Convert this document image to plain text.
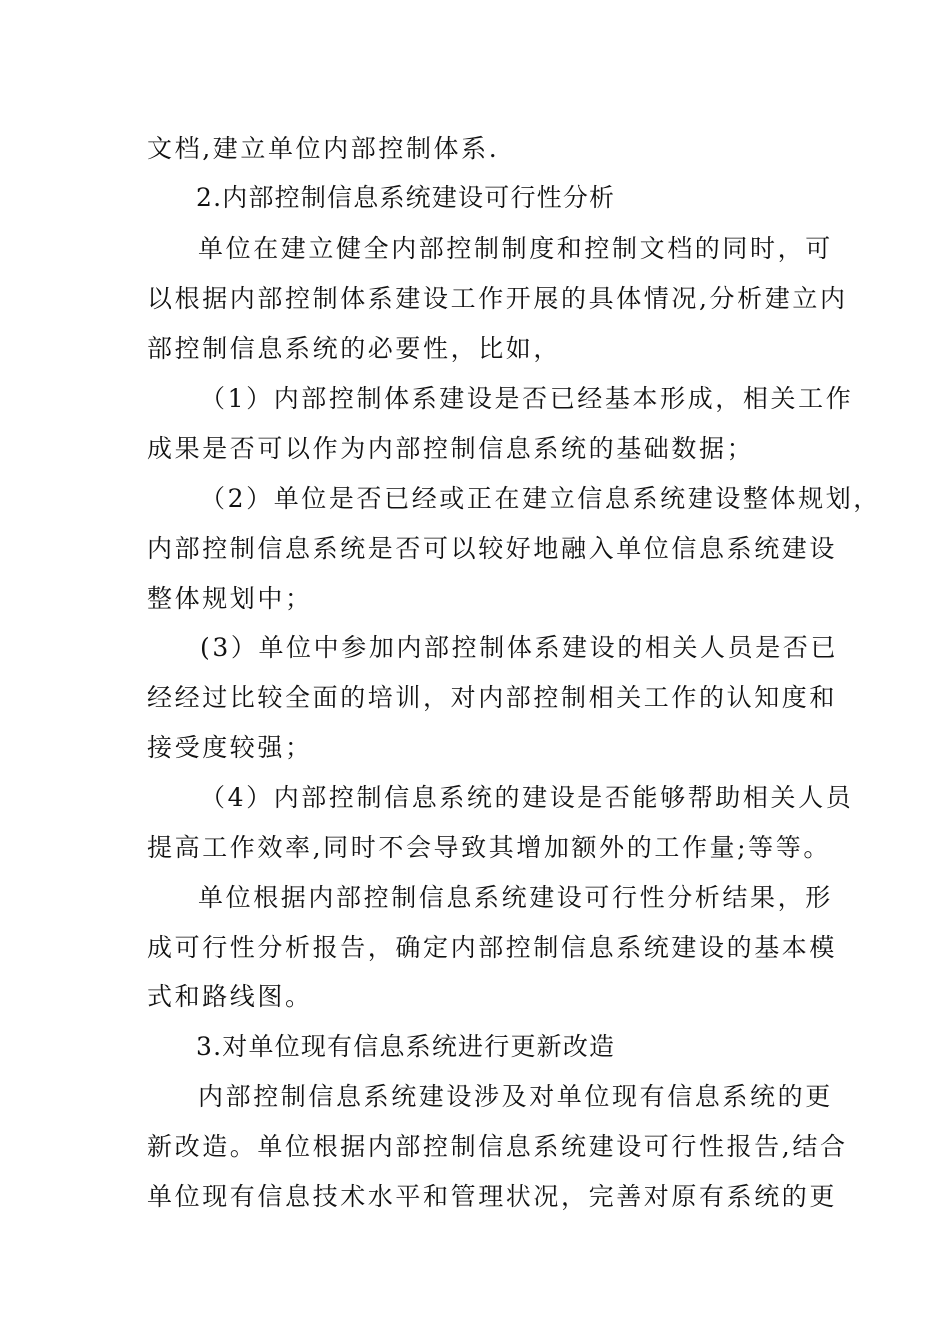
文档,建立单位内部控制体系.
2.内部控制信息系统建设可行性分析
单位在建立健全内部控制制度和控制文档的同时，可
以根据内部控制体系建设工作开展的具体情况,分析建立内
部控制信息系统的必要性，比如，
（1）内部控制体系建设是否已经基本形成，相关工作
成果是否可以作为内部控制信息系统的基础数据；
（2）单位是否已经或正在建立信息系统建设整体规划，
内部控制信息系统是否可以较好地融入单位信息系统建设
整体规划中；
(3）单位中参加内部控制体系建设的相关人员是否已
经经过比较全面的培训，对内部控制相关工作的认知度和
接受度较强；
（4）内部控制信息系统的建设是否能够帮助相关人员
提高工作效率,同时不会导致其增加额外的工作量;等等。
单位根据内部控制信息系统建设可行性分析结果，形
成可行性分析报告，确定内部控制信息系统建设的基本模
式和路线图。
3.对单位现有信息系统进行更新改造
内部控制信息系统建设涉及对单位现有信息系统的更
新改造。单位根据内部控制信息系统建设可行性报告,结合
单位现有信息技术水平和管理状况，完善对原有系统的更
